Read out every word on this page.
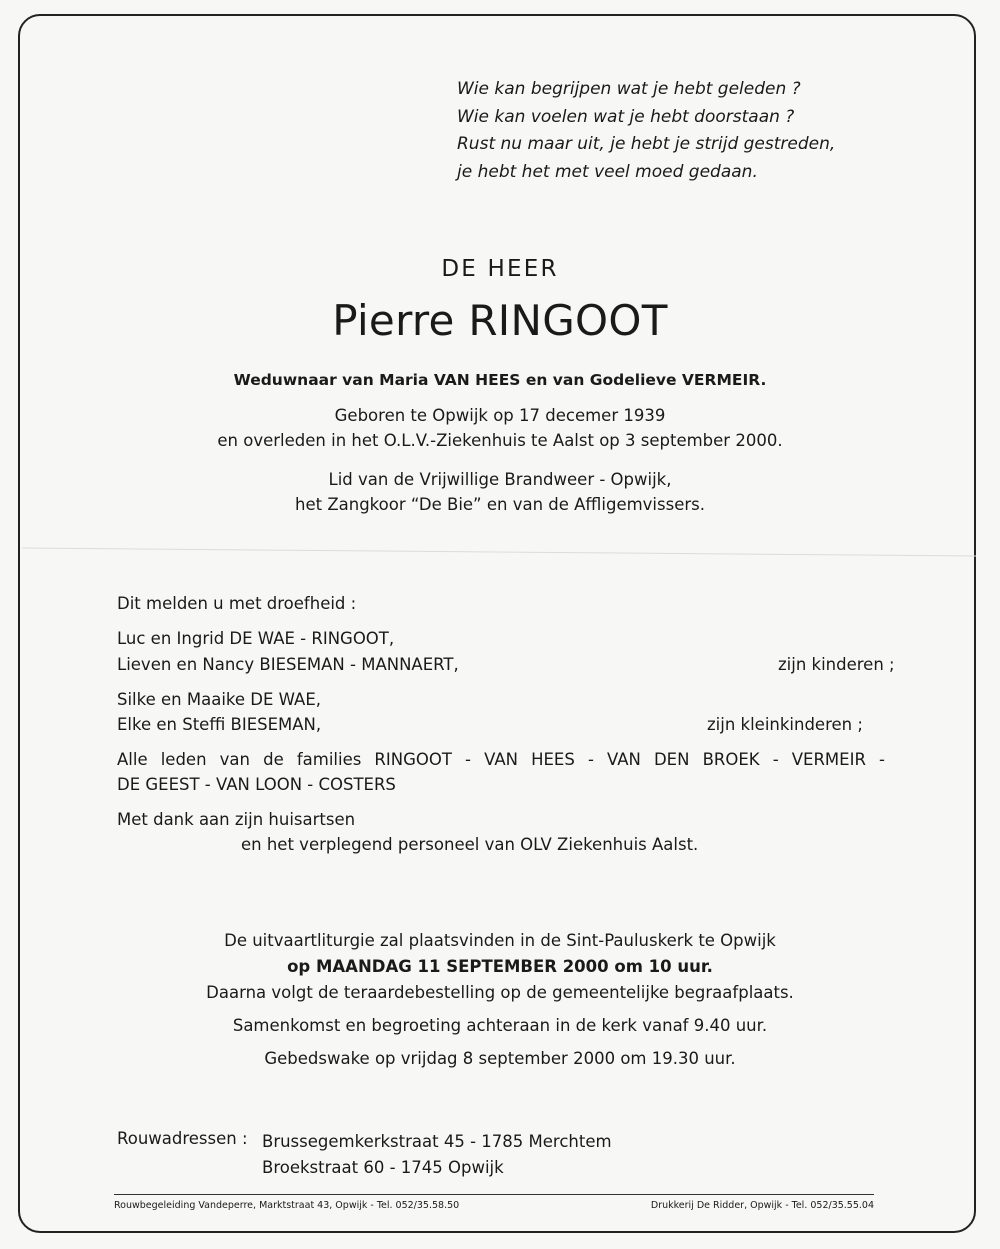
Wie kan begrijpen wat je hebt geleden ?
Wie kan voelen wat je hebt doorstaan ?
Rust nu maar uit, je hebt je strijd gestreden,
je hebt het met veel moed gedaan.
DE HEER
Pierre RINGOOT
Weduwnaar van Maria VAN HEES en van Godelieve VERMEIR.
Geboren te Opwijk op 17 decemer 1939
en overleden in het O.L.V.-Ziekenhuis te Aalst op 3 september 2000.
Lid van de Vrijwillige Brandweer - Opwijk,
het Zangkoor “De Bie” en van de Affligemvissers.
Dit melden u met droefheid :
Luc en Ingrid DE WAE - RINGOOT,
Lieven en Nancy BIESEMAN - MANNAERT,	zijn kinderen ;
Silke en Maaike DE WAE,
Elke en Steffi BIESEMAN,	zijn kleinkinderen ;
Alle leden van de families RINGOOT - VAN HEES - VAN DEN BROEK - VERMEIR -
DE GEEST - VAN LOON - COSTERS
Met dank aan zijn huisartsen
en het verplegend personeel van OLV Ziekenhuis Aalst.
De uitvaartliturgie zal plaatsvinden in de Sint-Pauluskerk te Opwijk
op MAANDAG 11 SEPTEMBER 2000 om 10 uur.
Daarna volgt de teraardebestelling op de gemeentelijke begraafplaats.
Samenkomst en begroeting achteraan in de kerk vanaf 9.40 uur.
Gebedswake op vrijdag 8 september 2000 om 19.30 uur.
Rouwadressen : Brussegemkerkstraat 45 - 1785 Merchtem
Broekstraat 60 - 1745 Opwijk
Rouwbegeleiding Vandeperre, Marktstraat 43, Opwijk - Tel. 052/35.58.50	Drukkerij De Ridder, Opwijk - Tel. 052/35.55.04
